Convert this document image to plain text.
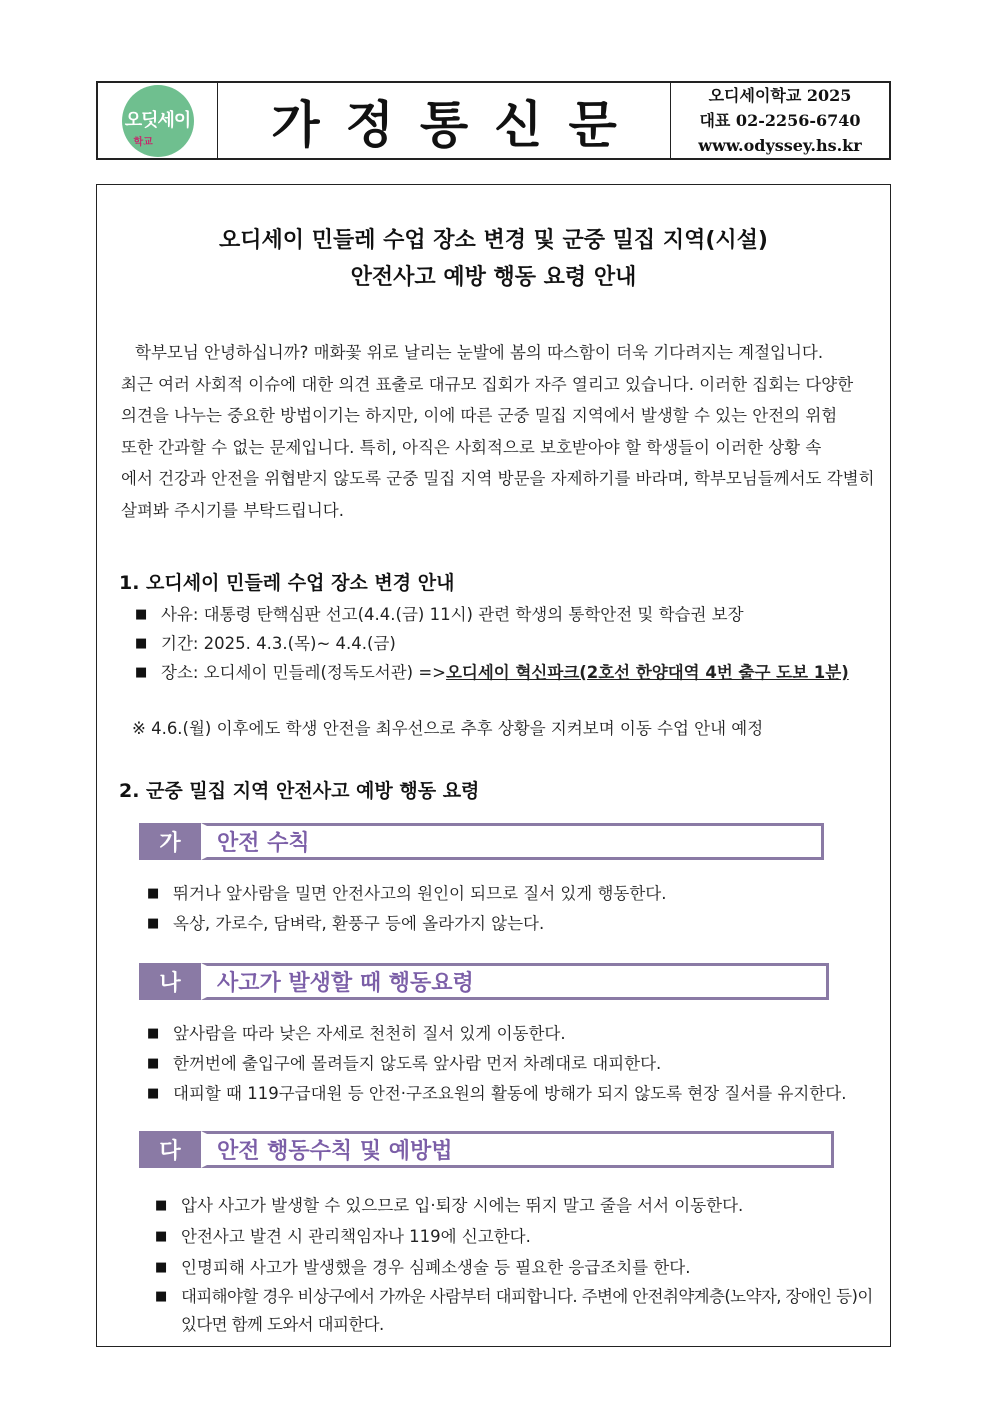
오딧세이
학교	가정통신문	오디세이학교 2025
대표 02-2256-6740
www.odyssey.hs.kr
오디세이 민들레 수업 장소 변경 및 군중 밀집 지역(시설)
안전사고 예방 행동 요령 안내
학부모님 안녕하십니까? 매화꽃 위로 날리는 눈발에 봄의 따스함이 더욱 기다려지는 계절입니다.
최근 여러 사회적 이슈에 대한 의견 표출로 대규모 집회가 자주 열리고 있습니다. 이러한 집회는 다양한
의견을 나누는 중요한 방법이기는 하지만, 이에 따른 군중 밀집 지역에서 발생할 수 있는 안전의 위험
또한 간과할 수 없는 문제입니다. 특히, 아직은 사회적으로 보호받아야 할 학생들이 이러한 상황 속
에서 건강과 안전을 위협받지 않도록 군중 밀집 지역 방문을 자제하기를 바라며, 학부모님들께서도 각별히
살펴봐 주시기를 부탁드립니다.
1. 오디세이 민들레 수업 장소 변경 안내
■ 사유: 대통령 탄핵심판 선고(4.4.(금) 11시) 관련 학생의 통학안전 및 학습권 보장
■ 기간: 2025. 4.3.(목)~ 4.4.(금)
■ 장소: 오디세이 민들레(정독도서관) =>오디세이 혁신파크(2호선 한양대역 4번 출구 도보 1분)
※ 4.6.(월) 이후에도 학생 안전을 최우선으로 추후 상황을 지켜보며 이동 수업 안내 예정
2. 군중 밀집 지역 안전사고 예방 행동 요령
가	안전 수칙
■ 뛰거나 앞사람을 밀면 안전사고의 원인이 되므로 질서 있게 행동한다.
■ 옥상, 가로수, 담벼락, 환풍구 등에 올라가지 않는다.
나	사고가 발생할 때 행동요령
■ 앞사람을 따라 낮은 자세로 천천히 질서 있게 이동한다.
■ 한꺼번에 출입구에 몰려들지 않도록 앞사람 먼저 차례대로 대피한다.
■ 대피할 때 119구급대원 등 안전·구조요원의 활동에 방해가 되지 않도록 현장 질서를 유지한다.
다	안전 행동수칙 및 예방법
■ 압사 사고가 발생할 수 있으므로 입·퇴장 시에는 뛰지 말고 줄을 서서 이동한다.
■ 안전사고 발견 시 관리책임자나 119에 신고한다.
■ 인명피해 사고가 발생했을 경우 심폐소생술 등 필요한 응급조치를 한다.
■ 대피해야할 경우 비상구에서 가까운 사람부터 대피합니다. 주변에 안전취약계층(노약자, 장애인 등)이 있다면 함께 도와서 대피한다.
